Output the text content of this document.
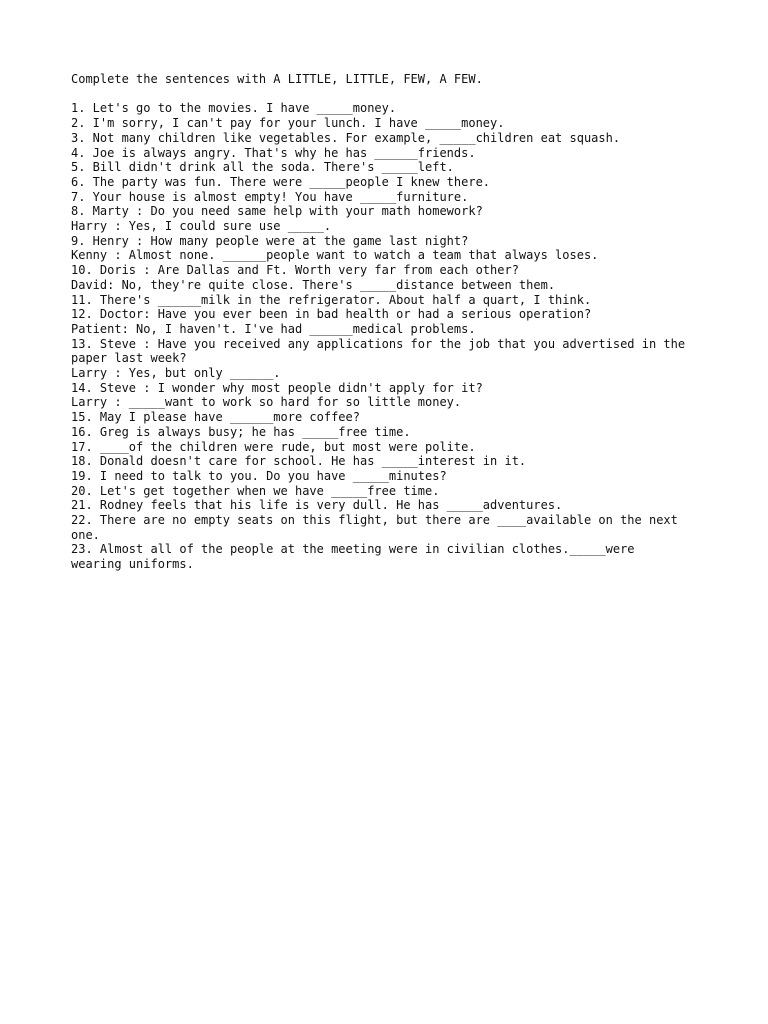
Complete the sentences with A LITTLE, LITTLE, FEW, A FEW.

1. Let's go to the movies. I have _____money.

2. I'm sorry, I can't pay for your lunch. I have _____money.

3. Not many children like vegetables. For example, _____children eat squash.

4. Joe is always angry. That's why he has ______friends.

5. Bill didn't drink all the soda. There's _____left.

6. The party was fun. There were _____people I knew there.

7. Your house is almost empty! You have _____furniture.

8. Marty : Do you need same help with your math homework?

Harry : Yes, I could sure use _____.

9. Henry : How many people were at the game last night?

Kenny : Almost none. ______people want to watch a team that always loses.

10. Doris : Are Dallas and Ft. Worth very far from each other?

David: No, they're quite close. There's _____distance between them.

11. There's ______milk in the refrigerator. About half a quart, I think.

12. Doctor: Have you ever been in bad health or had a serious operation?

Patient: No, I haven't. I've had ______medical problems.

13. Steve : Have you received any applications for the job that you advertised in the paper last week?

Larry : Yes, but only ______.

14. Steve : I wonder why most people didn't apply for it?

Larry : _____want to work so hard for so little money.

15. May I please have ______more coffee?

16. Greg is always busy; he has _____free time.

17. ____of the children were rude, but most were polite.

18. Donald doesn't care for school. He has _____interest in it.

19. I need to talk to you. Do you have _____minutes?

20. Let's get together when we have _____free time.

21. Rodney feels that his life is very dull. He has _____adventures.

22. There are no empty seats on this flight, but there are ____available on the next one.

23. Almost all of the people at the meeting were in civilian clothes._____were wearing uniforms.
